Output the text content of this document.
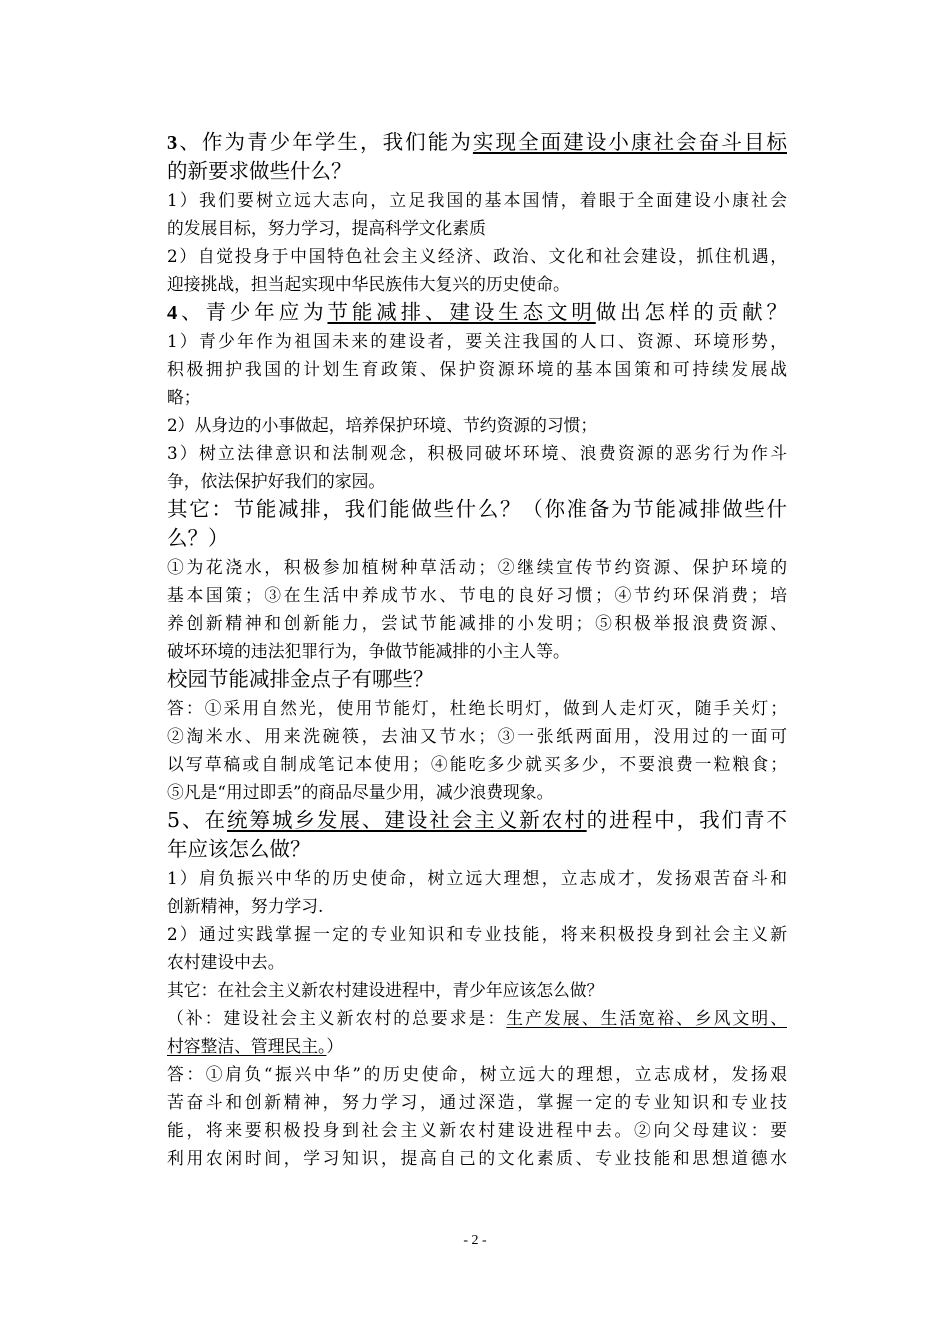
3、作为青少年学生，我们能为实现全面建设小康社会奋斗目标
的新要求做些什么？
1）我们要树立远大志向，立足我国的基本国情，着眼于全面建设小康社会
的发展目标，努力学习，提高科学文化素质
2）自觉投身于中国特色社会主义经济、政治、文化和社会建设，抓住机遇，
迎接挑战，担当起实现中华民族伟大复兴的历史使命。
4、青少年应为节能减排、建设生态文明做出怎样的贡献？
1）青少年作为祖国未来的建设者，要关注我国的人口、资源、环境形势，
积极拥护我国的计划生育政策、保护资源环境的基本国策和可持续发展战
略；
2）从身边的小事做起，培养保护环境、节约资源的习惯；
3）树立法律意识和法制观念，积极同破坏环境、浪费资源的恶劣行为作斗
争，依法保护好我们的家园。
其它：节能减排，我们能做些什么？（你准备为节能减排做些什
么？）
①为花浇水，积极参加植树种草活动；②继续宣传节约资源、保护环境的
基本国策；③在生活中养成节水、节电的良好习惯；④节约环保消费；培
养创新精神和创新能力，尝试节能减排的小发明；⑤积极举报浪费资源、
破坏环境的违法犯罪行为，争做节能减排的小主人等。
校园节能减排金点子有哪些？
答：①采用自然光，使用节能灯，杜绝长明灯，做到人走灯灭，随手关灯；
②淘米水、用来洗碗筷，去油又节水；③一张纸两面用，没用过的一面可
以写草稿或自制成笔记本使用；④能吃多少就买多少，不要浪费一粒粮食；
⑤凡是“用过即丢”的商品尽量少用，减少浪费现象。
5、在统筹城乡发展、建设社会主义新农村的进程中，我们青不
年应该怎么做？
1）肩负振兴中华的历史使命，树立远大理想，立志成才，发扬艰苦奋斗和
创新精神，努力学习.
2）通过实践掌握一定的专业知识和专业技能，将来积极投身到社会主义新
农村建设中去。
其它：在社会主义新农村建设进程中，青少年应该怎么做？
（补：建设社会主义新农村的总要求是：生产发展、生活宽裕、乡风文明、
村容整洁、管理民主。）
答：①肩负“振兴中华”的历史使命，树立远大的理想，立志成材，发扬艰
苦奋斗和创新精神，努力学习，通过深造，掌握一定的专业知识和专业技
能，将来要积极投身到社会主义新农村建设进程中去。②向父母建议：要
利用农闲时间，学习知识，提高自己的文化素质、专业技能和思想道德水
- 2 -
